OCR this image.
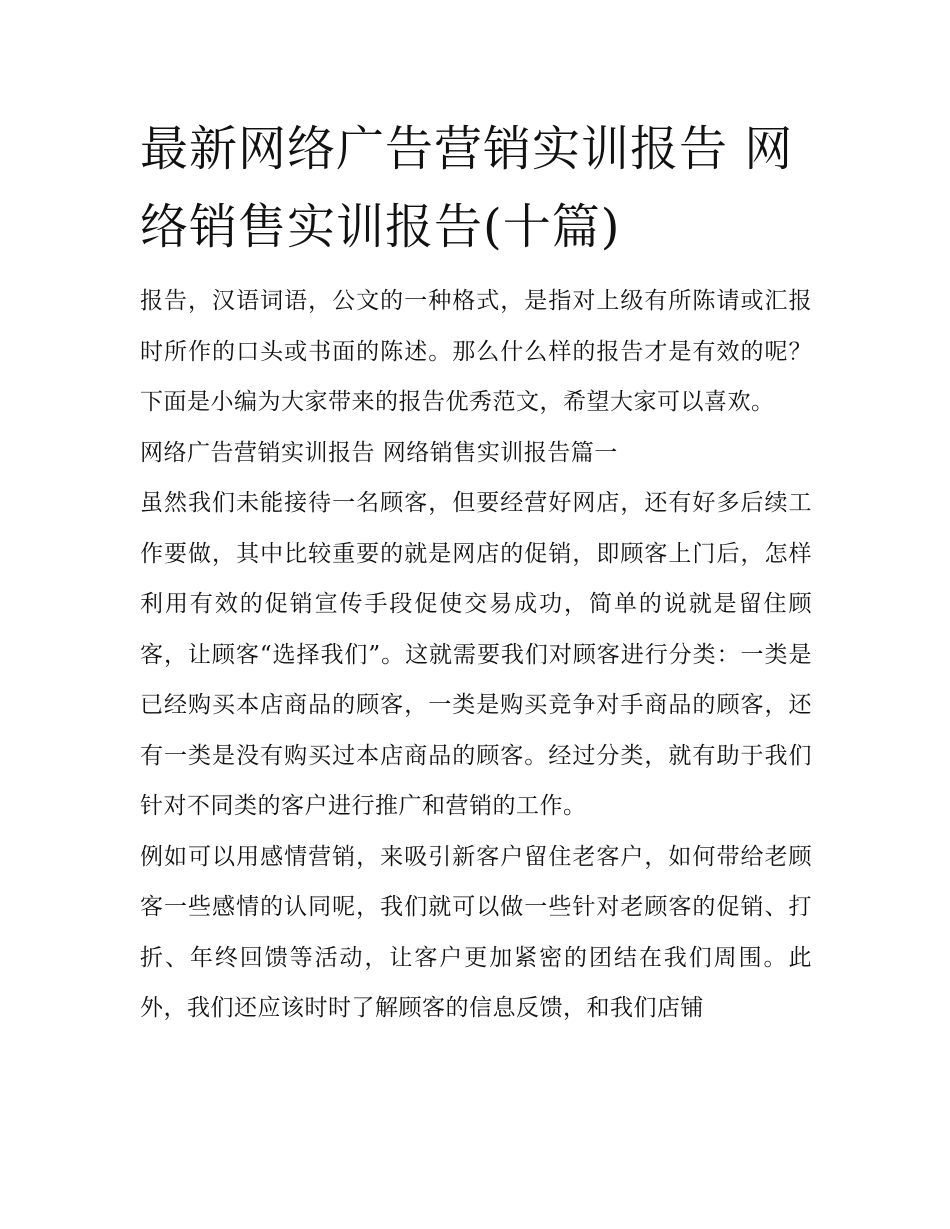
最新网络广告营销实训报告 网络销售实训报告(十篇)

报告，汉语词语，公文的一种格式，是指对上级有所陈请或汇报时所作的口头或书面的陈述。那么什么样的报告才是有效的呢？下面是小编为大家带来的报告优秀范文，希望大家可以喜欢。

网络广告营销实训报告 网络销售实训报告篇一

虽然我们未能接待一名顾客，但要经营好网店，还有好多后续工作要做，其中比较重要的就是网店的促销，即顾客上门后，怎样利用有效的促销宣传手段促使交易成功，简单的说就是留住顾客，让顾客“选择我们”。这就需要我们对顾客进行分类：一类是已经购买本店商品的顾客，一类是购买竞争对手商品的顾客，还有一类是没有购买过本店商品的顾客。经过分类，就有助于我们针对不同类的客户进行推广和营销的工作。

例如可以用感情营销，来吸引新客户留住老客户，如何带给老顾客一些感情的认同呢，我们就可以做一些针对老顾客的促销、打折、年终回馈等活动，让客户更加紧密的团结在我们周围。此外，我们还应该时时了解顾客的信息反馈，和我们店铺
